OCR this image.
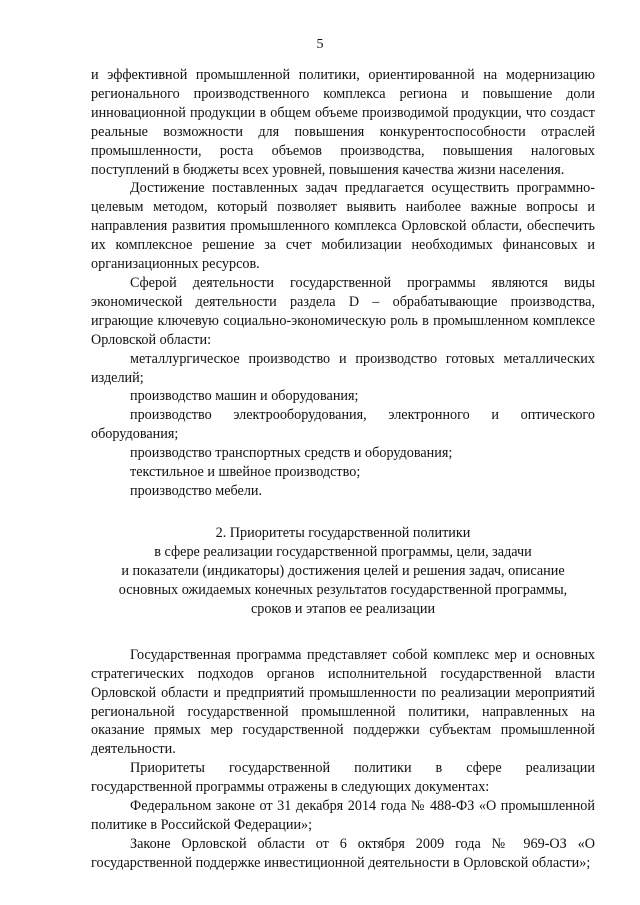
5

и эффективной промышленной политики, ориентированной на модернизацию регионального производственного комплекса региона и повышение доли инновационной продукции в общем объеме производимой продукции, что создаст реальные возможности для повышения конкурентоспособности отраслей промышленности, роста объемов производства, повышения налоговых поступлений в бюджеты всех уровней, повышения качества жизни населения.

Достижение поставленных задач предлагается осуществить программно-целевым методом, который позволяет выявить наиболее важные вопросы и направления развития промышленного комплекса Орловской области, обеспечить их комплексное решение за счет мобилизации необходимых финансовых и организационных ресурсов.

Сферой деятельности государственной программы являются виды экономической деятельности раздела D – обрабатывающие производства, играющие ключевую социально-экономическую роль в промышленном комплексе Орловской области:

металлургическое производство и производство готовых металлических изделий;

производство машин и оборудования;

производство электрооборудования, электронного и оптического оборудования;

производство транспортных средств и оборудования;

текстильное и швейное производство;

производство мебели.

2. Приоритеты государственной политики
в сфере реализации государственной программы, цели, задачи
и показатели (индикаторы) достижения целей и решения задач, описание
основных ожидаемых конечных результатов государственной программы,
сроков и этапов ее реализации

Государственная программа представляет собой комплекс мер и основных стратегических подходов органов исполнительной государственной власти Орловской области и предприятий промышленности по реализации мероприятий региональной государственной промышленной политики, направленных на оказание прямых мер государственной поддержки субъектам промышленной деятельности.

Приоритеты государственной политики в сфере реализации государственной программы отражены в следующих документах:

Федеральном законе от 31 декабря 2014 года № 488-ФЗ «О промышленной политике в Российской Федерации»;

Законе Орловской области от 6 октября 2009 года № 969-ОЗ «О государственной поддержке инвестиционной деятельности в Орловской области»;
